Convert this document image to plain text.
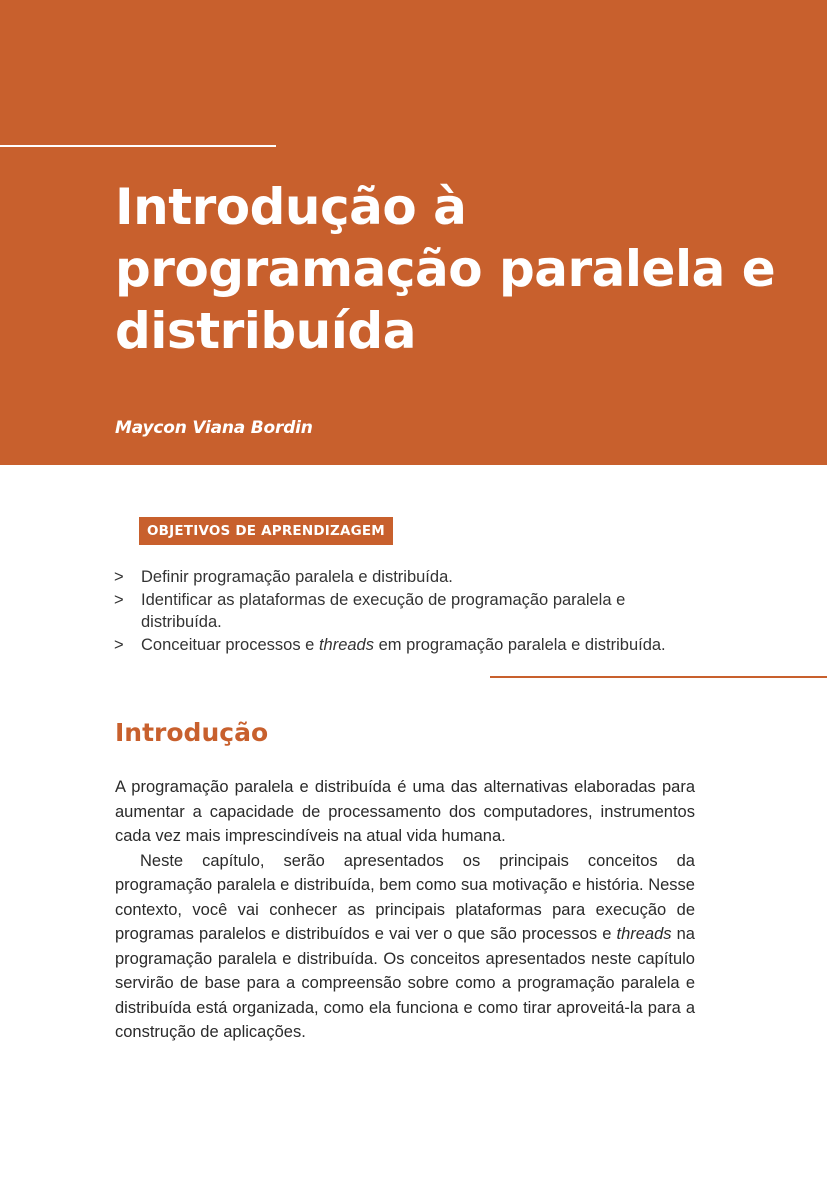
Introdução à programação paralela e distribuída
Maycon Viana Bordin
OBJETIVOS DE APRENDIZAGEM
> Definir programação paralela e distribuída.
> Identificar as plataformas de execução de programação paralela e distribuída.
> Conceituar processos e threads em programação paralela e distribuída.
Introdução

A programação paralela e distribuída é uma das alternativas elaboradas para aumentar a capacidade de processamento dos computadores, instrumentos cada vez mais imprescindíveis na atual vida humana.

Neste capítulo, serão apresentados os principais conceitos da programação paralela e distribuída, bem como sua motivação e história. Nesse contexto, você vai conhecer as principais plataformas para execução de programas paralelos e distribuídos e vai ver o que são processos e threads na programação paralela e distribuída. Os conceitos apresentados neste capítulo servirão de base para a compreensão sobre como a programação paralela e distribuída está organizada, como ela funciona e como tirar aproveitá-la para a construção de aplicações.
